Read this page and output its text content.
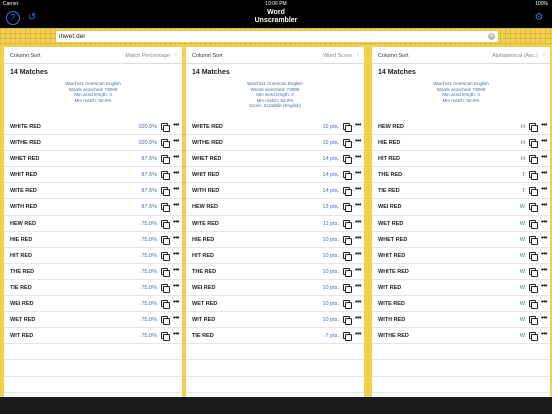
Carrier	10:06 PM	100%
?	↺	Word
Unscrambler	⚙
ihwet der
✕
Column Sort	Match Percentage ›
14 Matches
Word list: American English
Words searched: 73089
Min word length: 3
Min match: 50.0%
WHITE RED	100.0% •••
WITHE RED	100.0% •••
WHET RED	87.5% •••
WHIT RED	87.5% •••
WITE RED	87.5% •••
WITH RED	87.5% •••
HEW RED	75.0% •••
HIE RED	75.0% •••
HIT RED	75.0% •••
THE RED	75.0% •••
TIE RED	75.0% •••
WEI RED	75.0% •••
WET RED	75.0% •••
WIT RED	75.0% •••
Column Sort	Word Score ›
14 Matches
Word list: American English
Words searched: 73089
Min word length: 3
Min match: 50.0%
Score: Scrabble (English)
WHITE RED	15 pts. •••
WITHE RED	15 pts. •••
WHET RED	14 pts. •••
WHIT RED	14 pts. •••
WITH RED	14 pts. •••
HEW RED	13 pts. •••
WITE RED	11 pts. •••
HIE RED	10 pts. •••
HIT RED	10 pts. •••
THE RED	10 pts. •••
WEI RED	10 pts. •••
WET RED	10 pts. •••
WIT RED	10 pts. •••
TIE RED	7 pts. •••
Column Sort	Alphabetical (Asc.) ›
14 Matches
Word list: American English
Words searched: 73089
Min word length: 3
Min match: 50.0%
HEW RED	H •••
HIE RED	H •••
HIT RED	H •••
THE RED	T •••
TIE RED	T •••
WEI RED	W •••
WET RED	W •••
WHET RED	W •••
WHIT RED	W •••
WHITE RED	W •••
WIT RED	W •••
WITE RED	W •••
WITH RED	W •••
WITHE RED	W •••
